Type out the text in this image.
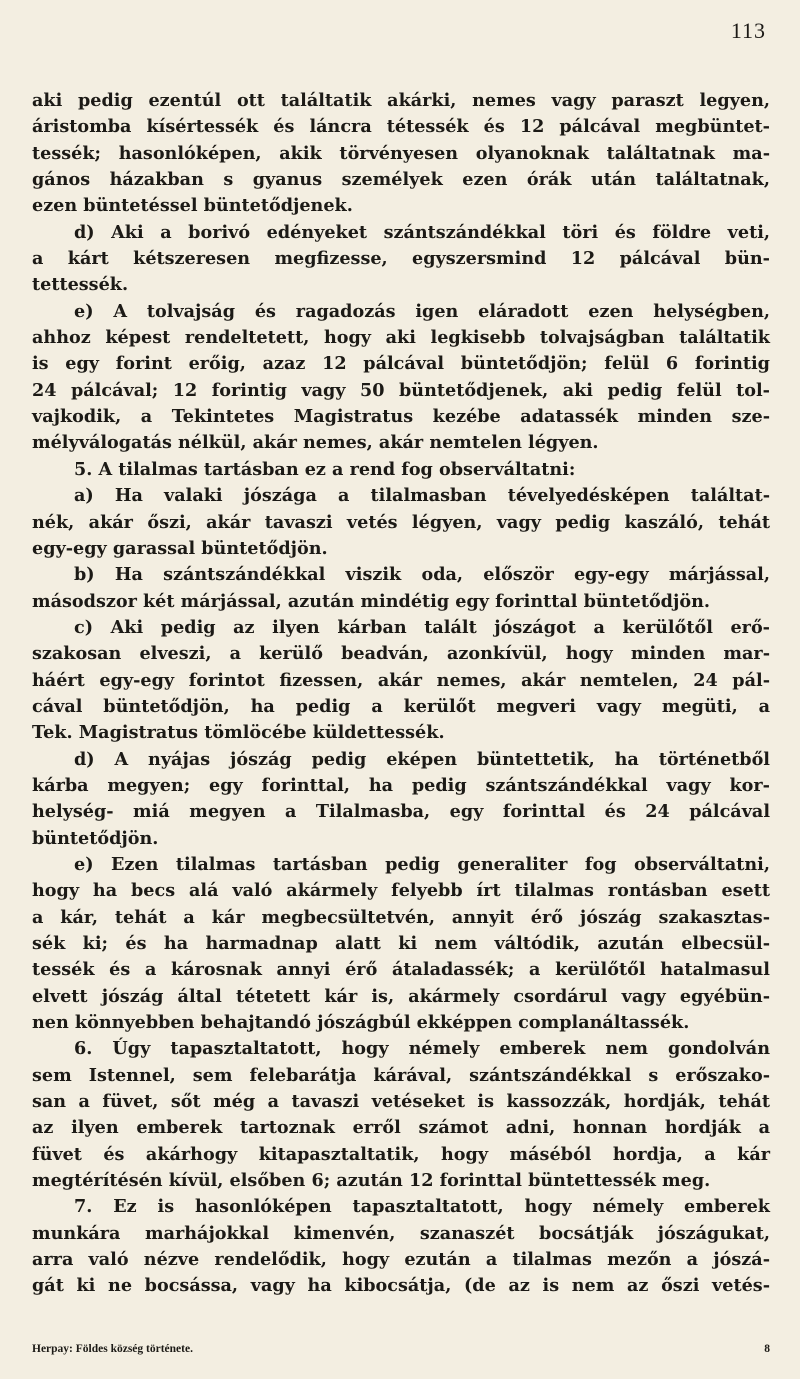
113

aki pedig ezentúl ott találtatik akárki, nemes vagy paraszt legyen,

áristomba kísértessék és láncra tétessék és 12 pálcával megbüntet-

tessék; hasonlóképen, akik törvényesen olyanoknak találtatnak ma-

gános házakban s gyanus személyek ezen órák után találtatnak,

ezen büntetéssel büntetődjenek.

d) Aki a borivó edényeket szántszándékkal töri és földre veti,

a kárt kétszeresen megfizesse, egyszersmind 12 pálcával bün-

tettessék.

e) A tolvajság és ragadozás igen eláradott ezen helységben,

ahhoz képest rendeltetett, hogy aki legkisebb tolvajságban találtatik

is egy forint erőig, azaz 12 pálcával büntetődjön; felül 6 forintig

24 pálcával; 12 forintig vagy 50 büntetődjenek, aki pedig felül tol-

vajkodik, a Tekintetes Magistratus kezébe adatassék minden sze-

mélyválogatás nélkül, akár nemes, akár nemtelen légyen.

5. A tilalmas tartásban ez a rend fog observáltatni:

a) Ha valaki jószága a tilalmasban tévelyedésképen találtat-

nék, akár őszi, akár tavaszi vetés légyen, vagy pedig kaszáló, tehát

egy-egy garassal büntetődjön.

b) Ha szántszándékkal viszik oda, először egy-egy márjással,

másodszor két márjással, azután mindétig egy forinttal büntetődjön.

c) Aki pedig az ilyen kárban talált jószágot a kerülőtől erő-

szakosan elveszi, a kerülő beadván, azonkívül, hogy minden mar-

háért egy-egy forintot fizessen, akár nemes, akár nemtelen, 24 pál-

cával büntetődjön, ha pedig a kerülőt megveri vagy megüti, a

Tek. Magistratus tömlöcébe küldettessék.

d) A nyájas jószág pedig eképen büntettetik, ha történetből

kárba megyen; egy forinttal, ha pedig szántszándékkal vagy kor-

helység- miá megyen a Tilalmasba, egy forinttal és 24 pálcával

büntetődjön.

e) Ezen tilalmas tartásban pedig generaliter fog observáltatni,

hogy ha becs alá való akármely felyebb írt tilalmas rontásban esett

a kár, tehát a kár megbecsültetvén, annyit érő jószág szakasztas-

sék ki; és ha harmadnap alatt ki nem váltódik, azután elbecsül-

tessék és a károsnak annyi érő átaladassék; a kerülőtől hatalmasul

elvett jószág által tétetett kár is, akármely csordárul vagy egyébün-

nen könnyebben behajtandó jószágbúl ekképpen complanáltassék.

6. Úgy tapasztaltatott, hogy némely emberek nem gondolván

sem Istennel, sem felebarátja kárával, szántszándékkal s erőszako-

san a füvet, sőt még a tavaszi vetéseket is kassozzák, hordják, tehát

az ilyen emberek tartoznak erről számot adni, honnan hordják a

füvet és akárhogy kitapasztaltatik, hogy máséból hordja, a kár

megtérítésén kívül, elsőben 6; azután 12 forinttal büntettessék meg.

7. Ez is hasonlóképen tapasztaltatott, hogy némely emberek

munkára marhájokkal kimenvén, szanaszét bocsátják jószágukat,

arra való nézve rendelődik, hogy ezután a tilalmas mezőn a jószá-

gát ki ne bocsássa, vagy ha kibocsátja, (de az is nem az őszi vetés-

Herpay: Földes község története.	8
